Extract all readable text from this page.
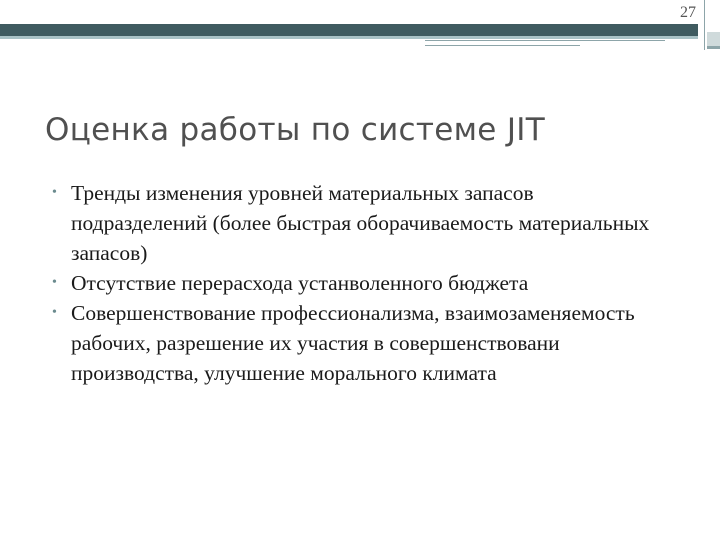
27
Оценка работы по системе JIT
• Тренды изменения уровней материальных запасов подразделений (более быстрая оборачиваемость материальных запасов)
• Отсутствие перерасхода устанволенного бюджета
• Совершенствование профессионализма, взаимозаменяемость рабочих, разрешение их участия в совершенствовани производства, улучшение морального климата
